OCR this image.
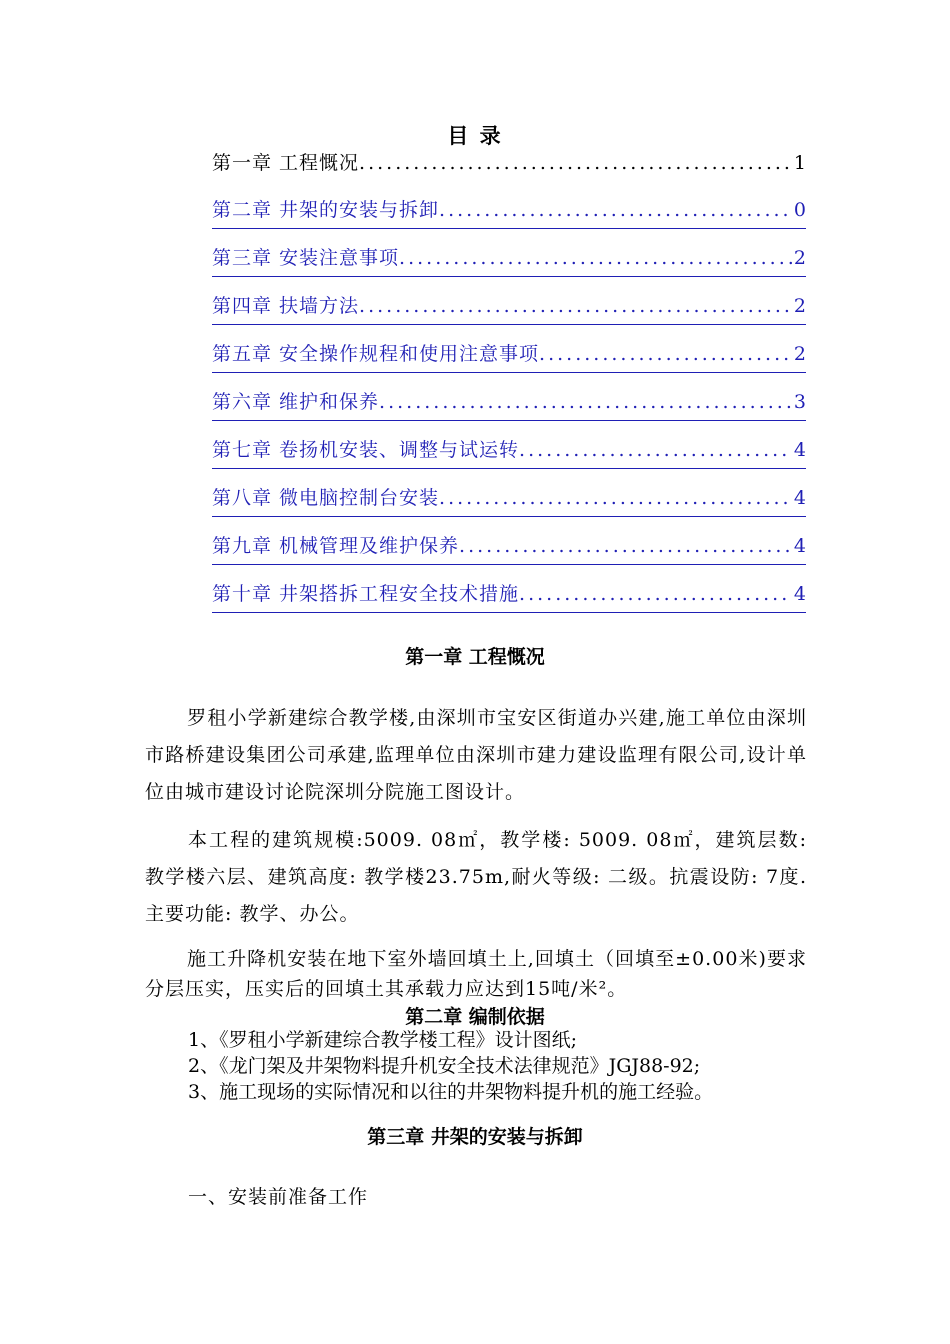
目 录
第一章 工程慨况 .....	1
第二章 井架的安装与拆卸 .....	0
第三章 安装注意事项 .....	2
第四章 扶墙方法 .....	2
第五章 安全操作规程和使用注意事项 .....	2
第六章 维护和保养 .....	3
第七章 卷扬机安装、调整与试运转 .....	4
第八章 微电脑控制台安装 .....	4
第九章 机械管理及维护保养 .....	4
第十章 井架搭拆工程安全技术措施 .....	4
第一章 工程慨况
罗租小学新建综合教学楼,由深圳市宝安区街道办兴建,施工单位由深圳市路桥建设集团公司承建,监理单位由深圳市建力建设监理有限公司,设计单位由城市建设讨论院深圳分院施工图设计。
本工程的建筑规模:5009. 08㎡，教学楼: 5009. 08㎡，建筑层数: 教学楼六层、建筑高度: 教学楼23.75m,耐火等级: 二级。抗震设防: 7度.主要功能: 教学、办公。
施工升降机安装在地下室外墙回填土上,回填土（回填至±0.00米)要求分层压实，压实后的回填土其承载力应达到15吨/米²。
第二章 编制依据
1、《罗租小学新建综合教学楼工程》设计图纸;
2、《龙门架及井架物料提升机安全技术法律规范》JGJ88-92;
3、施工现场的实际情况和以往的井架物料提升机的施工经验。
第三章 井架的安装与拆卸
一、安装前准备工作
